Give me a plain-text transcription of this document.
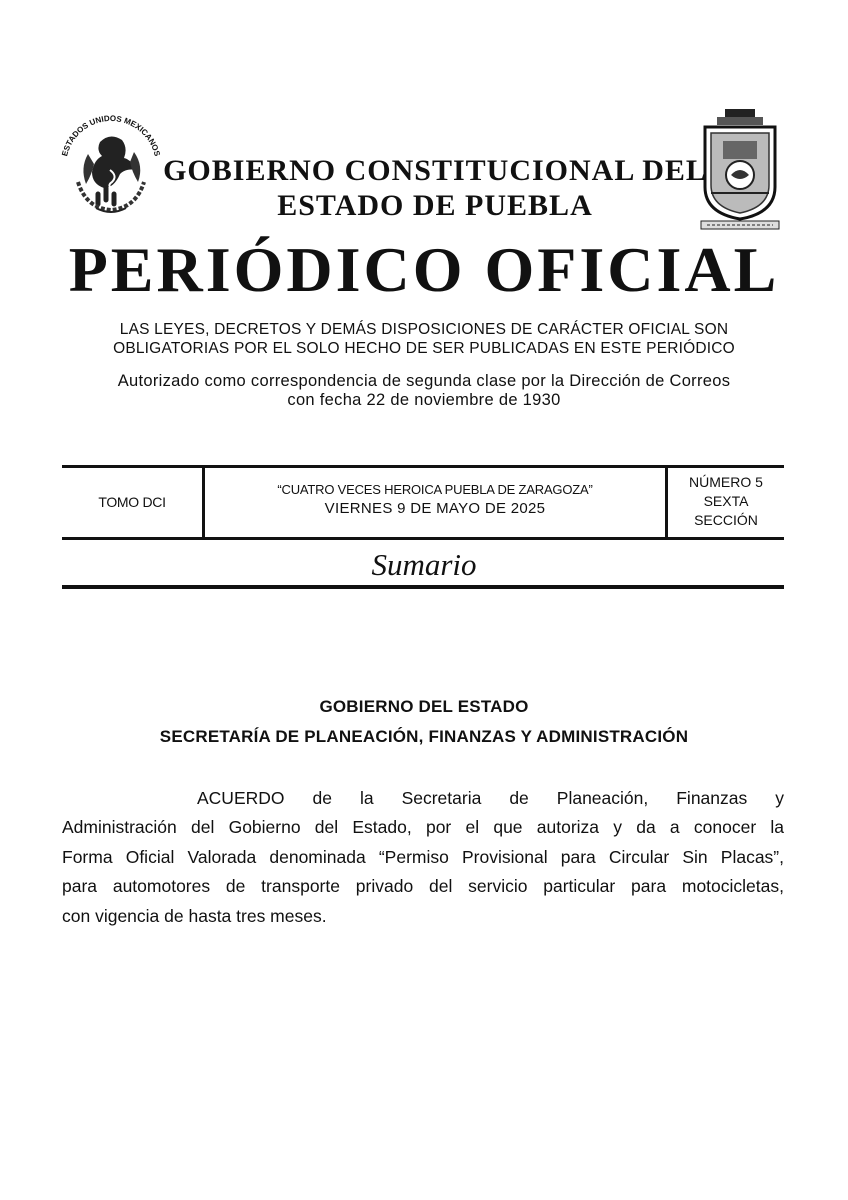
ESTADOS UNIDOS MEXICANOS
GOBIERNO CONSTITUCIONAL DEL
ESTADO DE PUEBLA
PERIÓDICO OFICIAL
LAS LEYES, DECRETOS Y DEMÁS DISPOSICIONES DE CARÁCTER OFICIAL SON
OBLIGATORIAS POR EL SOLO HECHO DE SER PUBLICADAS EN ESTE PERIÓDICO
Autorizado como correspondencia de segunda clase por la Dirección de Correos
con fecha 22 de noviembre de 1930
TOMO DCI
“CUATRO VECES HEROICA PUEBLA DE ZARAGOZA”
VIERNES 9 DE MAYO DE 2025
NÚMERO 5
SEXTA
SECCIÓN
Sumario
GOBIERNO DEL ESTADO
SECRETARÍA DE PLANEACIÓN, FINANZAS Y ADMINISTRACIÓN
ACUERDO de la Secretaria de Planeación, Finanzas y
Administración del Gobierno del Estado, por el que autoriza y da a conocer la
Forma Oficial Valorada denominada “Permiso Provisional para Circular Sin Placas”,
para automotores de transporte privado del servicio particular para motocicletas,
con vigencia de hasta tres meses.
